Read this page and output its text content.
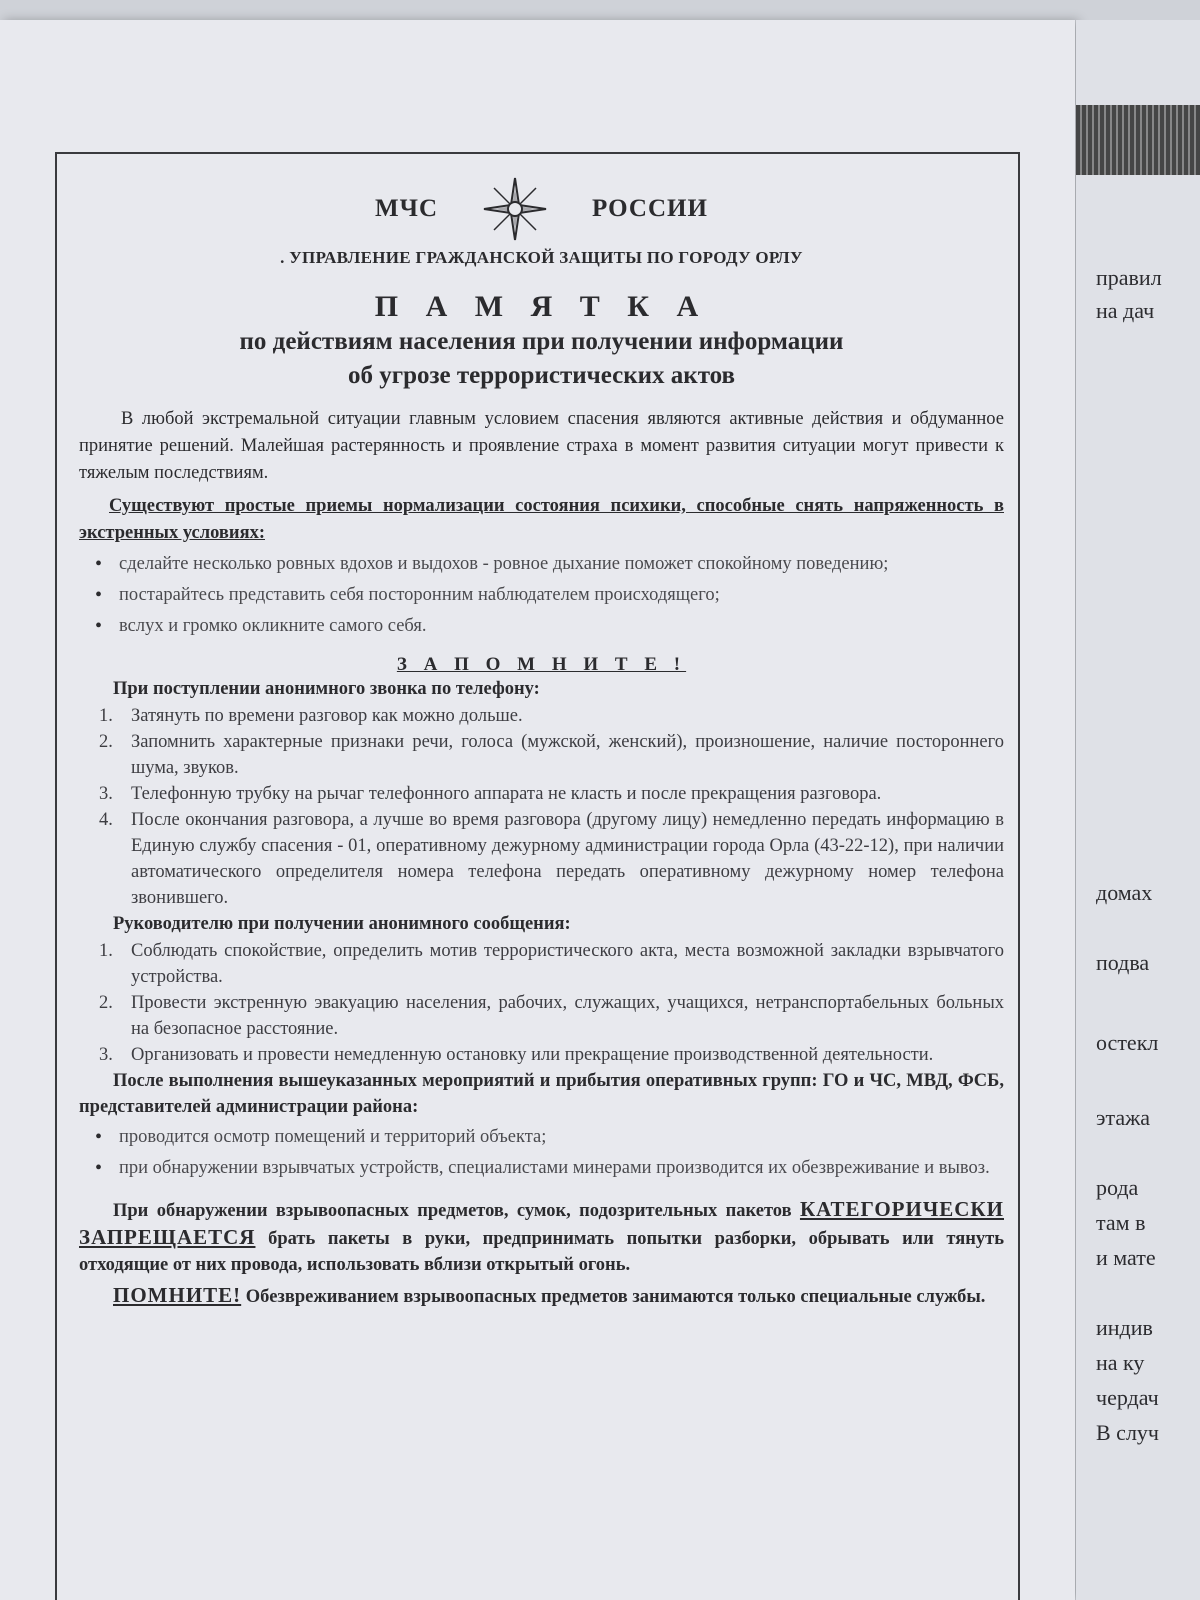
МЧС	РОССИИ
. УПРАВЛЕНИЕ ГРАЖДАНСКОЙ ЗАЩИТЫ ПО ГОРОДУ ОРЛУ
П А М Я Т К А
по действиям населения при получении информации
об угрозе террористических актов

В любой экстремальной ситуации главным условием спасения являются активные действия и обдуманное принятие решений. Малейшая растерянность и проявление страха в момент развития ситуации могут привести к тяжелым последствиям.

Существуют простые приемы нормализации состояния психики, способные снять напряженность в экстренных условиях:

• сделайте несколько ровных вдохов и выдохов - ровное дыхание поможет спокойному поведению;
• постарайтесь представить себя посторонним наблюдателем происходящего;
• вслух и громко окликните самого себя.
З А П О М Н И Т Е !
При поступлении анонимного звонка по телефону:
1. Затянуть по времени разговор как можно дольше.
2. Запомнить характерные признаки речи, голоса (мужской, женский), произношение, наличие постороннего шума, звуков.
3. Телефонную трубку на рычаг телефонного аппарата не класть и после прекращения разговора.
4. После окончания разговора, а лучше во время разговора (другому лицу) немедленно передать информацию в Единую службу спасения - 01, оперативному дежурному администрации города Орла (43-22-12), при наличии автоматического определителя номера телефона передать оперативному дежурному номер телефона звонившего.
Руководителю при получении анонимного сообщения:
1. Соблюдать спокойствие, определить мотив террористического акта, места возможной закладки взрывчатого устройства.
2. Провести экстренную эвакуацию населения, рабочих, служащих, учащихся, нетранспортабельных больных на безопасное расстояние.
3. Организовать и провести немедленную остановку или прекращение производственной деятельности.

После выполнения вышеуказанных мероприятий и прибытия оперативных групп: ГО и ЧС, МВД, ФСБ, представителей администрации района:

• проводится осмотр помещений и территорий объекта;
• при обнаружении взрывчатых устройств, специалистами минерами производится их обезвреживание и вывоз.

При обнаружении взрывоопасных предметов, сумок, подозрительных пакетов КАТЕГОРИЧЕСКИ ЗАПРЕЩАЕТСЯ брать пакеты в руки, предпринимать попытки разборки, обрывать или тянуть отходящие от них провода, использовать вблизи открытый огонь.

ПОМНИТЕ! Обезвреживанием взрывоопасных предметов занимаются только специальные службы.

правил
на дач
домах
подва
остекл
этажа
рода
там в
и мате
индив
на ку
чердач
В случ
